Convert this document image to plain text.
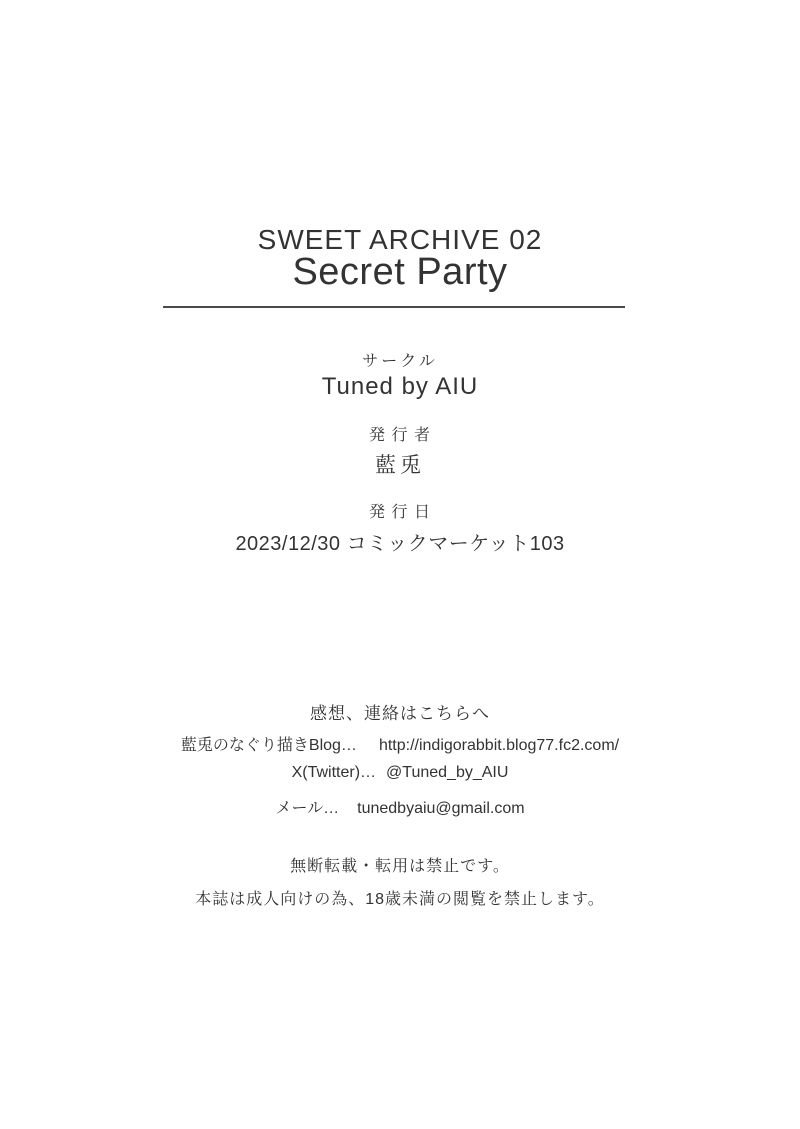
SWEET ARCHIVE 02
Secret Party
サークル
Tuned by AIU
発 行 者
藍兎
発 行 日
2023/12/30 コミックマーケット103
感想、連絡はこちらへ
藍兎のなぐり描きBlog… http://indigorabbit.blog77.fc2.com/
X(Twitter)… @Tuned_by_AIU
メール… tunedbyaiu@gmail.com
無断転載・転用は禁止です。
本誌は成人向けの為、18歳未満の閲覧を禁止します。
